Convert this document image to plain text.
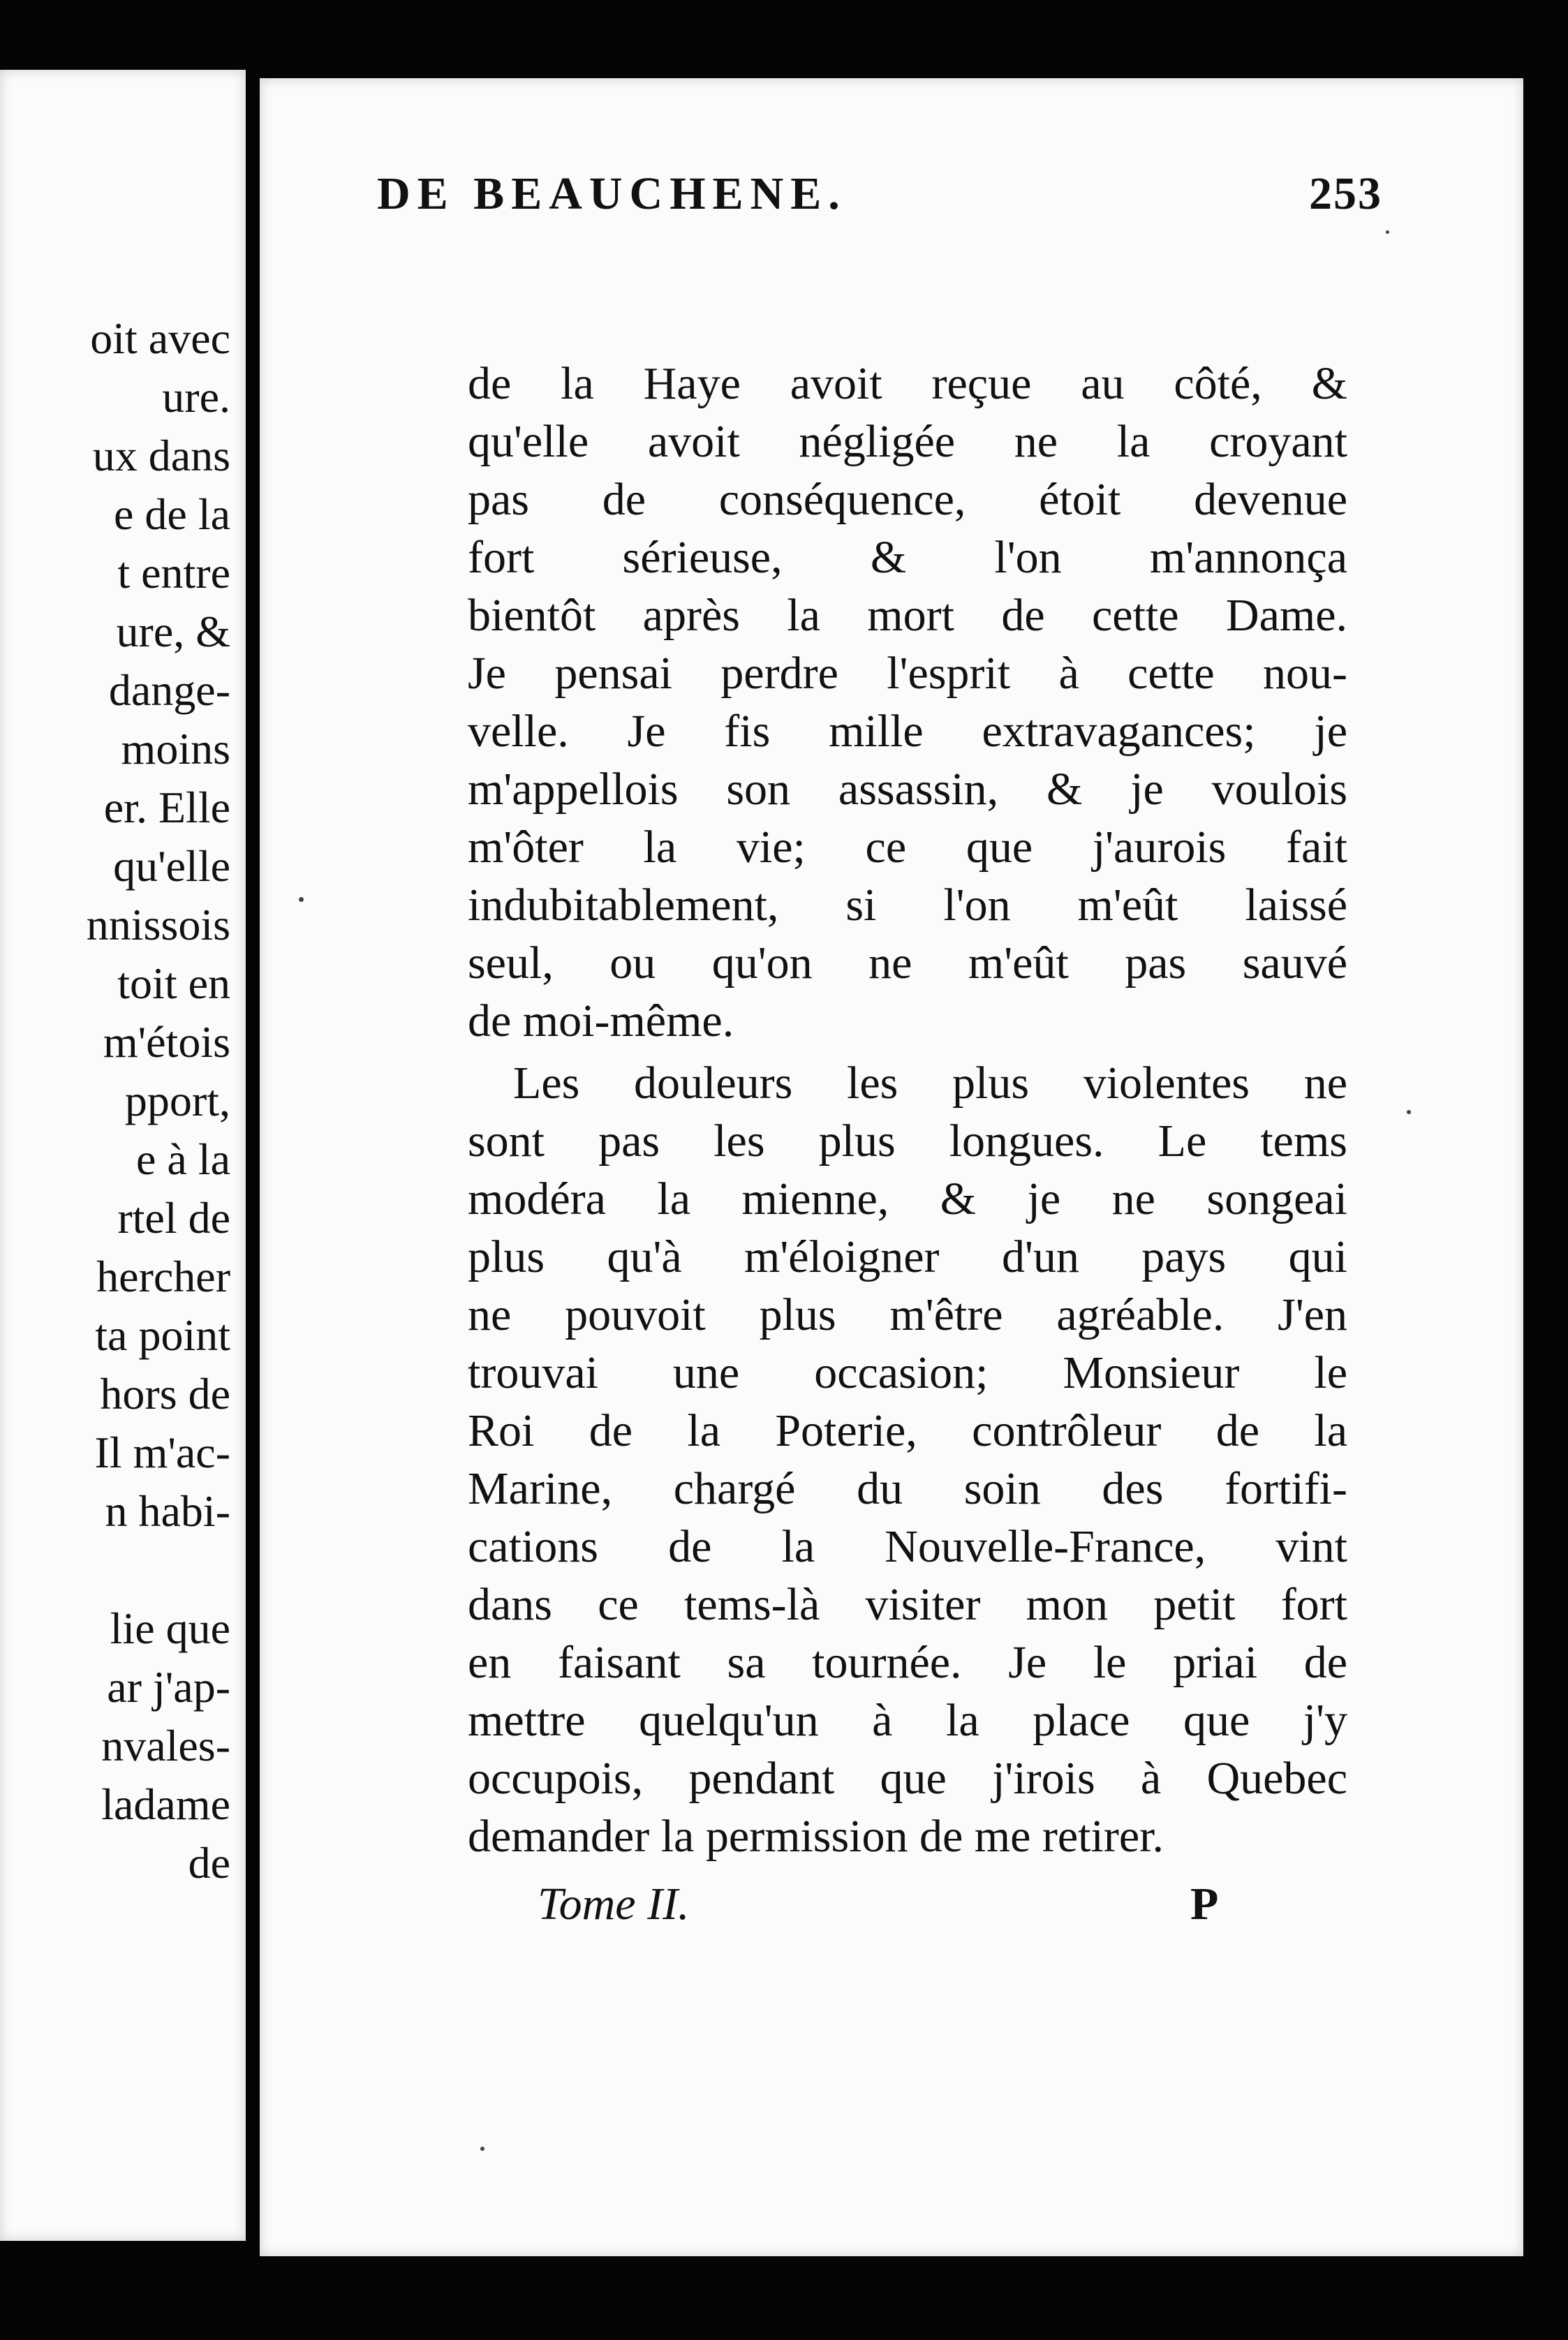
DE BEAUCHENE.	253
oit avec
ure.
ux dans
e de la
t entre
ure, &
dange-
moins
er. Elle
qu'elle
nnissois
toit en
m'étois
pport,
e à la
rtel de
hercher
ta point
hors de
Il m'ac-
n habi-
lie que
ar j'ap-
nvales-
ladame
de
de la Haye avoit reçue au côté, &
qu'elle avoit négligée ne la croyant
pas de conséquence, étoit devenue
fort sérieuse, & l'on m'annonça
bientôt après la mort de cette Dame.
Je pensai perdre l'esprit à cette nou-
velle. Je fis mille extravagances; je
m'appellois son assassin, & je voulois
m'ôter la vie; ce que j'aurois fait
indubitablement, si l'on m'eût laissé
seul, ou qu'on ne m'eût pas sauvé
de moi-même.
Les douleurs les plus violentes ne
sont pas les plus longues. Le tems
modéra la mienne, & je ne songeai
plus qu'à m'éloigner d'un pays qui
ne pouvoit plus m'être agréable. J'en
trouvai une occasion; Monsieur le
Roi de la Poterie, contrôleur de la
Marine, chargé du soin des fortifi-
cations de la Nouvelle-France, vint
dans ce tems-là visiter mon petit fort
en faisant sa tournée. Je le priai de
mettre quelqu'un à la place que j'y
occupois, pendant que j'irois à Quebec
demander la permission de me retirer.
Tome II.	P
